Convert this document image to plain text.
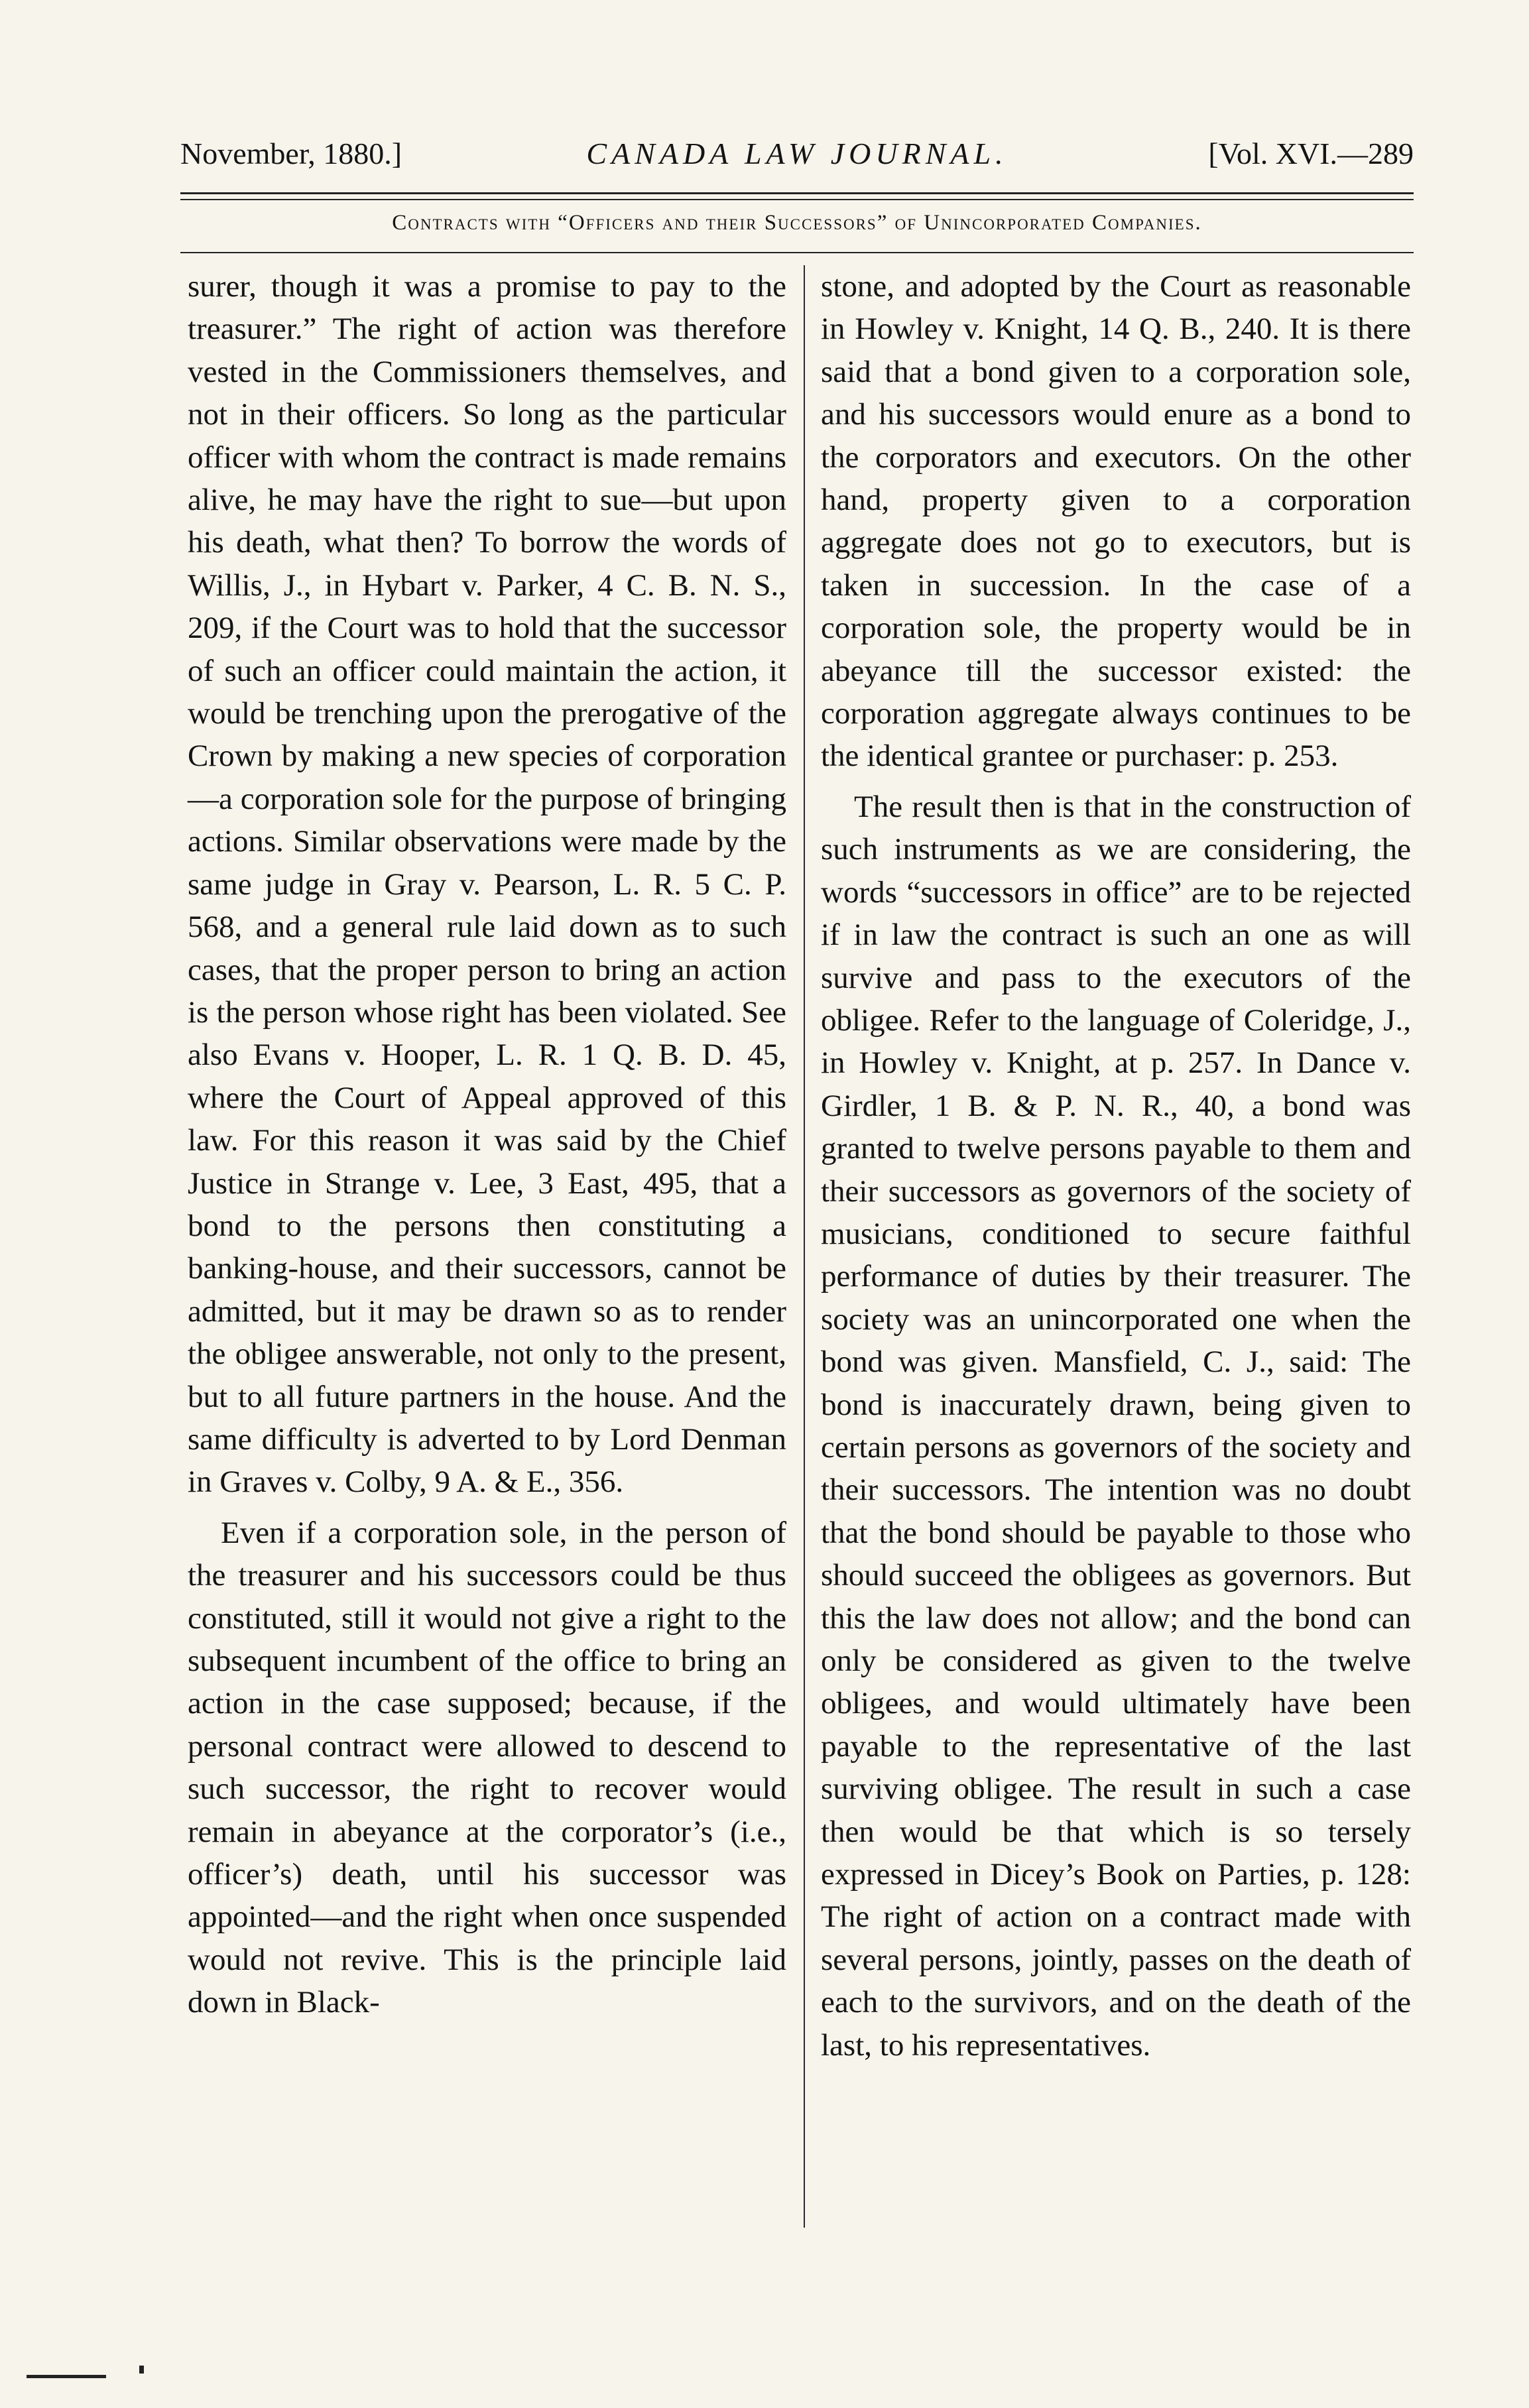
November, 1880.]	CANADA LAW JOURNAL.	[Vol. XVI.—289
Contracts with “Officers and their Successors” of Unincorporated Companies.

surer, though it was a promise to pay to the treasurer.” The right of action was therefore vested in the Commissioners themselves, and not in their officers. So long as the particular officer with whom the contract is made remains alive, he may have the right to sue—but upon his death, what then? To borrow the words of Willis, J., in Hybart v. Parker, 4 C. B. N. S., 209, if the Court was to hold that the successor of such an officer could maintain the action, it would be trenching upon the prerogative of the Crown by making a new species of corporation—a corporation sole for the purpose of bringing actions. Similar observations were made by the same judge in Gray v. Pearson, L. R. 5 C. P. 568, and a general rule laid down as to such cases, that the proper person to bring an action is the person whose right has been violated. See also Evans v. Hooper, L. R. 1 Q. B. D. 45, where the Court of Appeal approved of this law. For this reason it was said by the Chief Justice in Strange v. Lee, 3 East, 495, that a bond to the persons then constituting a banking-house, and their successors, cannot be admitted, but it may be drawn so as to render the obligee answerable, not only to the present, but to all future partners in the house. And the same difficulty is adverted to by Lord Denman in Graves v. Colby, 9 A. & E., 356.

Even if a corporation sole, in the person of the treasurer and his successors could be thus constituted, still it would not give a right to the subsequent incumbent of the office to bring an action in the case supposed; because, if the personal contract were allowed to descend to such successor, the right to recover would remain in abeyance at the corporator’s (i.e., officer’s) death, until his successor was appointed—and the right when once suspended would not revive. This is the principle laid down in Black-

stone, and adopted by the Court as reasonable in Howley v. Knight, 14 Q. B., 240. It is there said that a bond given to a corporation sole, and his successors would enure as a bond to the corporators and executors. On the other hand, property given to a corporation aggregate does not go to executors, but is taken in succession. In the case of a corporation sole, the property would be in abeyance till the successor existed: the corporation aggregate always continues to be the identical grantee or purchaser: p. 253.

The result then is that in the construction of such instruments as we are considering, the words “successors in office” are to be rejected if in law the contract is such an one as will survive and pass to the executors of the obligee. Refer to the language of Coleridge, J., in Howley v. Knight, at p. 257. In Dance v. Girdler, 1 B. & P. N. R., 40, a bond was granted to twelve persons payable to them and their successors as governors of the society of musicians, conditioned to secure faithful performance of duties by their treasurer. The society was an unincorporated one when the bond was given. Mansfield, C. J., said: The bond is inaccurately drawn, being given to certain persons as governors of the society and their successors. The intention was no doubt that the bond should be payable to those who should succeed the obligees as governors. But this the law does not allow; and the bond can only be considered as given to the twelve obligees, and would ultimately have been payable to the representative of the last surviving obligee. The result in such a case then would be that which is so tersely expressed in Dicey’s Book on Parties, p. 128: The right of action on a contract made with several persons, jointly, passes on the death of each to the survivors, and on the death of the last, to his representatives.
